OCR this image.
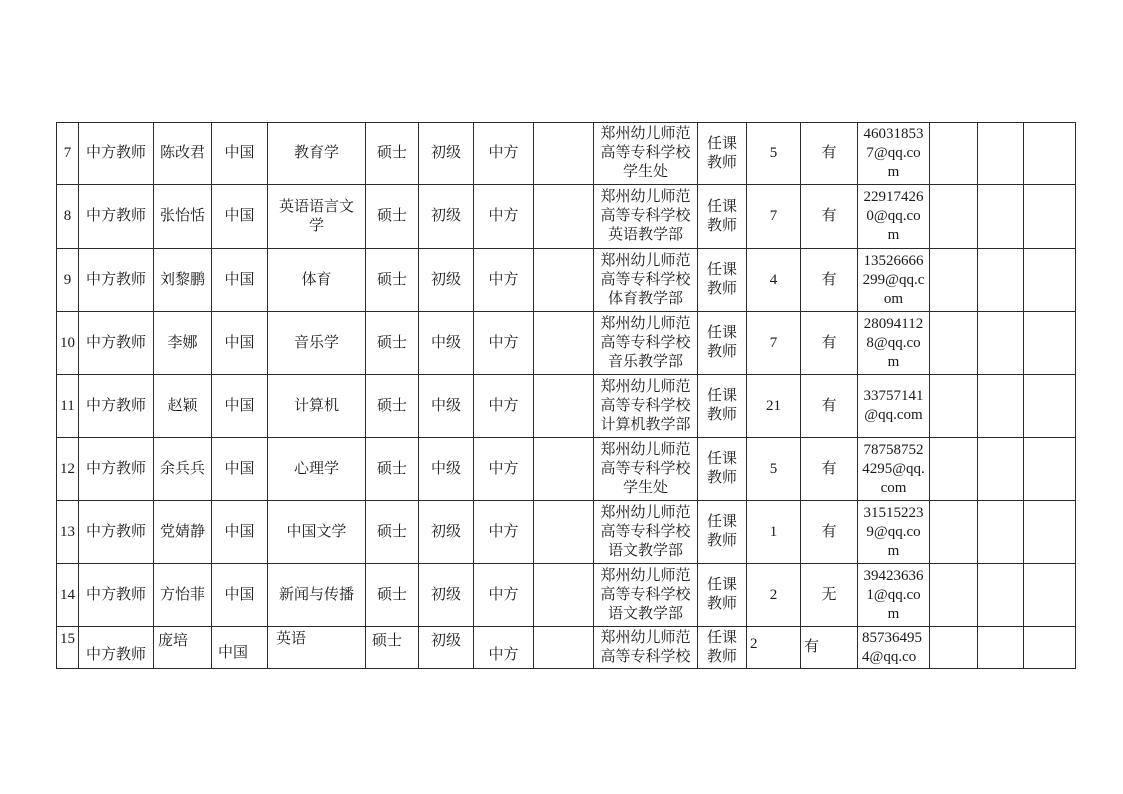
7	中方教师	陈改君	中国	教育学	硕士	初级	中方		郑州幼儿师范高等专科学校学生处	任课教师	5	有	460318537@qq.com			
8	中方教师	张怡恬	中国	英语语言文学	硕士	初级	中方		郑州幼儿师范高等专科学校英语教学部	任课教师	7	有	229174260@qq.com			
9	中方教师	刘黎鹏	中国	体育	硕士	初级	中方		郑州幼儿师范高等专科学校体育教学部	任课教师	4	有	13526666299@qq.com			
10	中方教师	李娜	中国	音乐学	硕士	中级	中方		郑州幼儿师范高等专科学校音乐教学部	任课教师	7	有	280941128@qq.com			
11	中方教师	赵颖	中国	计算机	硕士	中级	中方		郑州幼儿师范高等专科学校计算机教学部	任课教师	21	有	33757141@qq.com			
12	中方教师	余兵兵	中国	心理学	硕士	中级	中方		郑州幼儿师范高等专科学校学生处	任课教师	5	有	787587524295@qq.com			
13	中方教师	党婧静	中国	中国文学	硕士	初级	中方		郑州幼儿师范高等专科学校语文教学部	任课教师	1	有	315152239@qq.com			
14	中方教师	方怡菲	中国	新闻与传播	硕士	初级	中方		郑州幼儿师范高等专科学校语文教学部	任课教师	2	无	394236361@qq.com			
15	中方教师	庞培	中国	英语	硕士	初级	中方		郑州幼儿师范高等专科学校	任课教师	2	有	857364954@qq.co			
